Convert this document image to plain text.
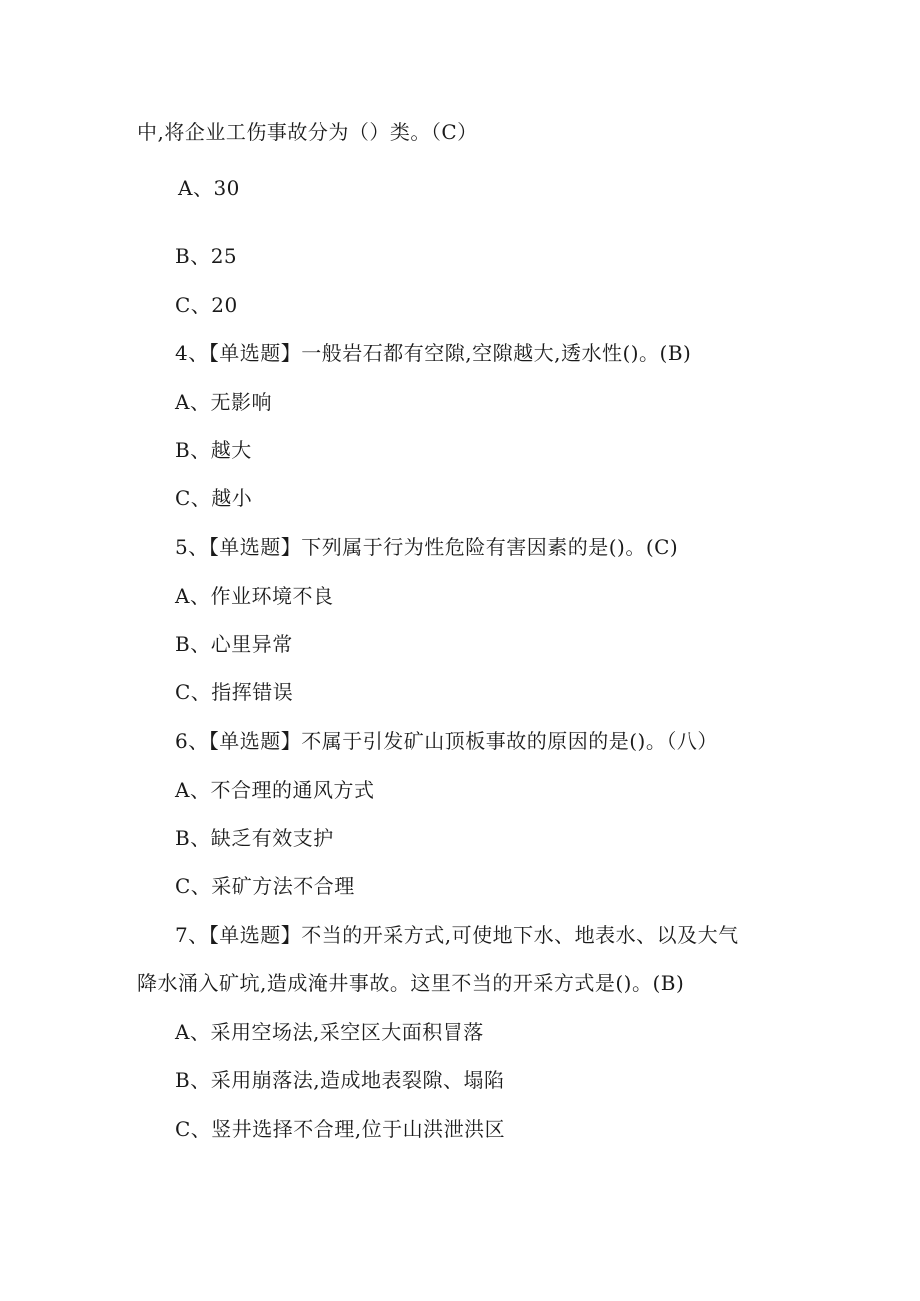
中,将企业工伤事故分为（）类。（C）
A、30
B、25
C、20
4、【单选题】一般岩石都有空隙,空隙越大,透水性()。(B)
A、无影响
B、越大
C、越小
5、【单选题】下列属于行为性危险有害因素的是()。(C)
A、作业环境不良
B、心里异常
C、指挥错误
6、【单选题】不属于引发矿山顶板事故的原因的是()。（八）
A、不合理的通风方式
B、缺乏有效支护
C、采矿方法不合理
7、【单选题】不当的开采方式,可使地下水、地表水、以及大气
降水涌入矿坑,造成淹井事故。这里不当的开采方式是()。(B)
A、采用空场法,采空区大面积冒落
B、采用崩落法,造成地表裂隙、塌陷
C、竖井选择不合理,位于山洪泄洪区
